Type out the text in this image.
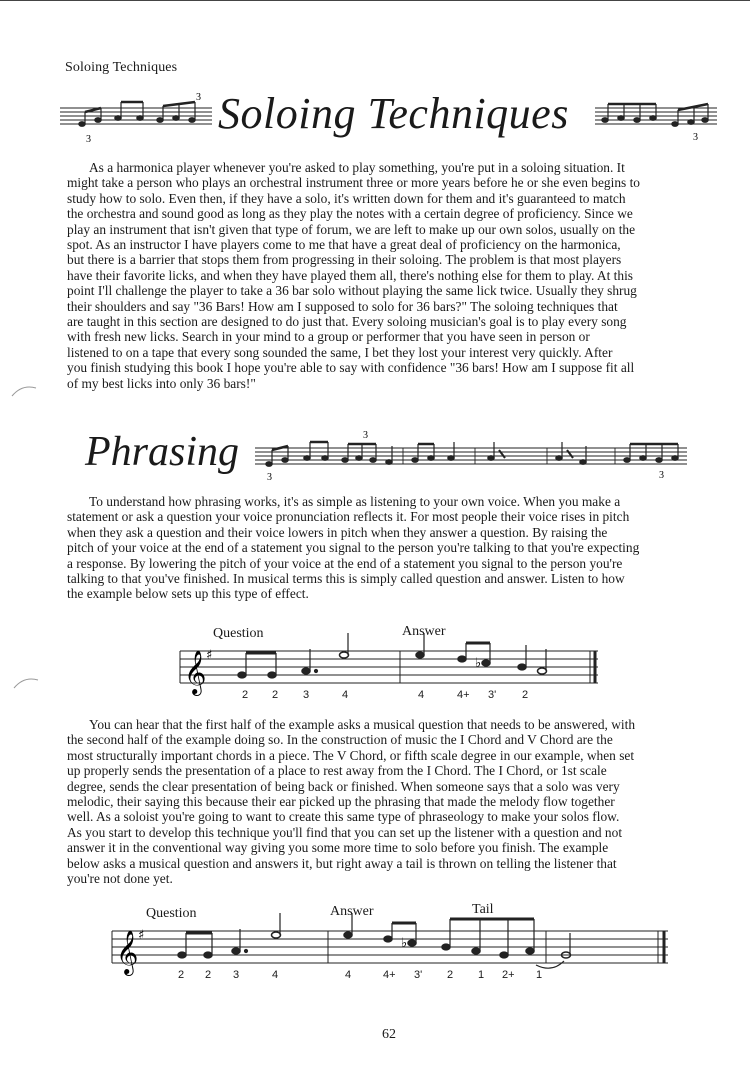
Soloing Techniques
3
3 Soloing Techniques	3
As a harmonica player whenever you're asked to play something, you're put in a soloing situation. It
might take a person who plays an orchestral instrument three or more years before he or she even begins to
study how to solo. Even then, if they have a solo, it's written down for them and it's guaranteed to match
the orchestra and sound good as long as they play the notes with a certain degree of proficiency. Since we
play an instrument that isn't given that type of forum, we are left to make up our own solos, usually on the
spot. As an instructor I have players come to me that have a great deal of proficiency on the harmonica,
but there is a barrier that stops them from progressing in their soloing. The problem is that most players
have their favorite licks, and when they have played them all, there's nothing else for them to play. At this
point I'll challenge the player to take a 36 bar solo without playing the same lick twice. Usually they shrug
their shoulders and say "36 Bars! How am I supposed to solo for 36 bars?" The soloing techniques that
are taught in this section are designed to do just that. Every soloing musician's goal is to play every song
with fresh new licks. Search in your mind to a group or performer that you have seen in person or
listened to on a tape that every song sounded the same, I bet they lost your interest very quickly. After
you finish studying this book I hope you're able to say with confidence "36 bars! How am I suppose fit all
of my best licks into only 36 bars!"
Phrasing
3
3
3
To understand how phrasing works, it's as simple as listening to your own voice. When you make a
statement or ask a question your voice pronunciation reflects it. For most people their voice rises in pitch
when they ask a question and their voice lowers in pitch when they answer a question. By raising the
pitch of your voice at the end of a statement you signal to the person you're talking to that you're expecting
a response. By lowering the pitch of your voice at the end of a statement you signal to the person you're
talking to that you've finished. In musical terms this is simply called question and answer. Listen to how
the example below sets up this type of effect.
Question	Answer
𝄞 ♯
♭
2 2 3	4	4	4+ 3' 2
You can hear that the first half of the example asks a musical question that needs to be answered, with
the second half of the example doing so. In the construction of music the I Chord and V Chord are the
most structurally important chords in a piece. The V Chord, or fifth scale degree in our example, when set
up properly sends the presentation of a place to rest away from the I Chord. The I Chord, or 1st scale
degree, sends the clear presentation of being back or finished. When someone says that a solo was very
melodic, their saying this because their ear picked up the phrasing that made the melody flow together
well. As a soloist you're going to want to create this same type of phraseology to make your solos flow.
As you start to develop this technique you'll find that you can set up the listener with a question and not
answer it in the conventional way giving you some more time to solo before you finish. The example
below asks a musical question and answers it, but right away a tail is thrown on telling the listener that
you're not done yet.
Question	Answer	Tail
𝄞 ♯
♭
2 2 3	4	4	4+ 3' 2 1 2+ 1
62
